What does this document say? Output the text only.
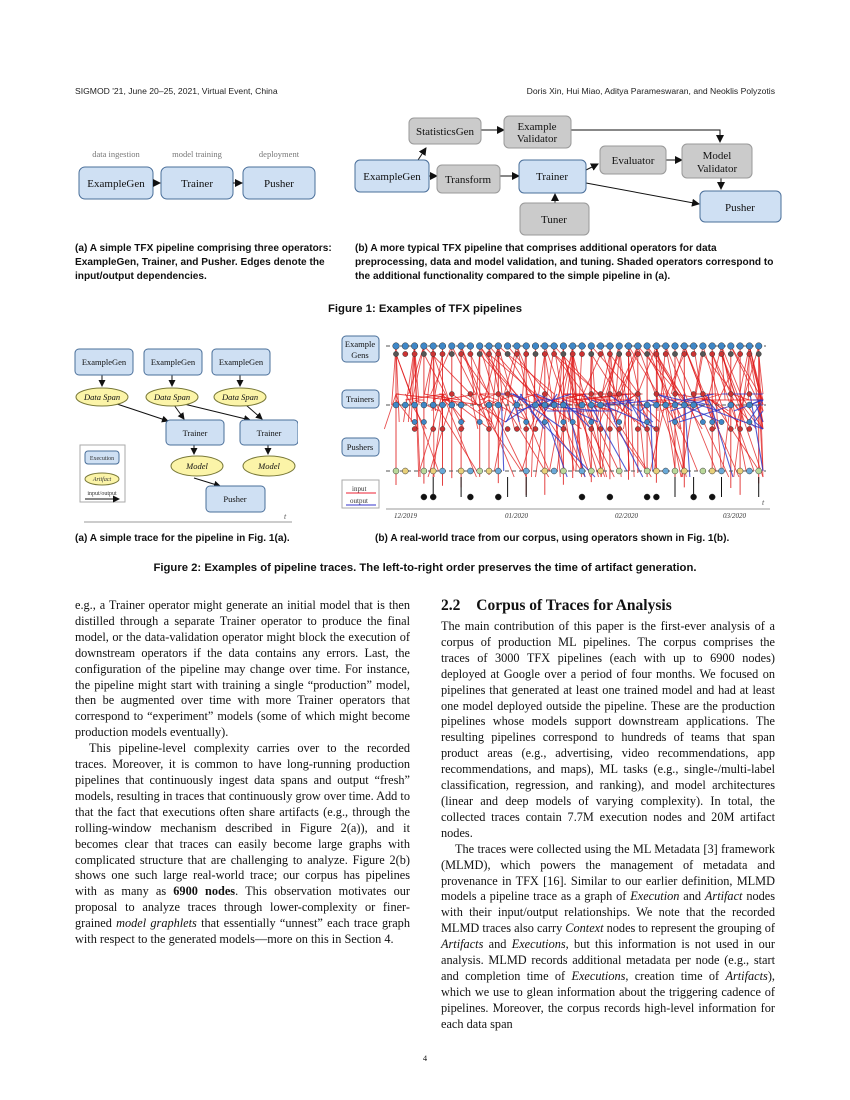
SIGMOD '21, June 20–25, 2021, Virtual Event, China	Doris Xin, Hui Miao, Aditya Parameswaran, and Neoklis Polyzotis
data ingestion	model training	deployment
ExampleGen	Trainer	Pusher
(a) A simple TFX pipeline comprising three operators: ExampleGen, Trainer, and Pusher. Edges denote the input/output dependencies.
StatisticsGen	Example
Validator
ExampleGen Transform	Trainer
Evaluator	Model
Validator
Pusher
Tuner
(b) A more typical TFX pipeline that comprises additional operators for data preprocessing, data and model validation, and tuning. Shaded operators correspond to the additional functionality compared to the simple pipeline in (a).
Figure 1: Examples of TFX pipelines
ExampleGen	ExampleGen	ExampleGen
Data Span	Data Span	Data Span
Trainer	Trainer
Model	Model
Pusher
Execution
Artifact
input/output
t
(a) A simple trace for the pipeline in Fig. 1(a).
Example
Gens
Trainers
Pushers
input
output	t
12/2019	01/2020	02/2020	03/2020
(b) A real-world trace from our corpus, using operators shown in Fig. 1(b).
Figure 2: Examples of pipeline traces. The left-to-right order preserves the time of artifact generation.

e.g., a Trainer operator might generate an initial model that is then distilled through a separate Trainer operator to produce the final model, or the data-validation operator might block the execution of downstream operators if the data contains any errors. Last, the configuration of the pipeline may change over time. For instance, the pipeline might start with training a single “production” model, then be augmented over time with more Trainer operators that correspond to “experiment” models (some of which might become production models eventually).

This pipeline-level complexity carries over to the recorded traces. Moreover, it is common to have long-running production pipelines that continuously ingest data spans and output “fresh” models, resulting in traces that continuously grow over time. Add to that the fact that executions often share artifacts (e.g., through the rolling-window mechanism described in Figure 2(a)), and it becomes clear that traces can easily become large graphs with complicated structure that are challenging to analyze. Figure 2(b) shows one such large real-world trace; our corpus has pipelines with as many as 6900 nodes. This observation motivates our proposal to analyze traces through lower-complexity or finer-grained model graphlets that essentially “unnest” each trace graph with respect to the generated models—more on this in Section 4.

2.2 Corpus of Traces for Analysis

The main contribution of this paper is the first-ever analysis of a corpus of production ML pipelines. The corpus comprises the traces of 3000 TFX pipelines (each with up to 6900 nodes) deployed at Google over a period of four months. We focused on pipelines that generated at least one trained model and had at least one model deployed outside the pipeline. These are the production pipelines whose models support downstream applications. The resulting pipelines correspond to hundreds of teams that span product areas (e.g., advertising, video recommendations, app recommendations, and maps), ML tasks (e.g., single-/multi-label classification, regression, and ranking), and model architectures (linear and deep models of varying complexity). In total, the collected traces contain 7.7M execution nodes and 20M artifact nodes.

The traces were collected using the ML Metadata [3] framework (MLMD), which powers the management of metadata and provenance in TFX [16]. Similar to our earlier definition, MLMD models a pipeline trace as a graph of Execution and Artifact nodes with their input/output relationships. We note that the recorded MLMD traces also carry Context nodes to represent the grouping of Artifacts and Executions, but this information is not used in our analysis. MLMD records additional metadata per node (e.g., start and completion time of Executions, creation time of Artifacts), which we use to glean information about the triggering cadence of pipelines. Moreover, the corpus records high-level information for each data span

4
